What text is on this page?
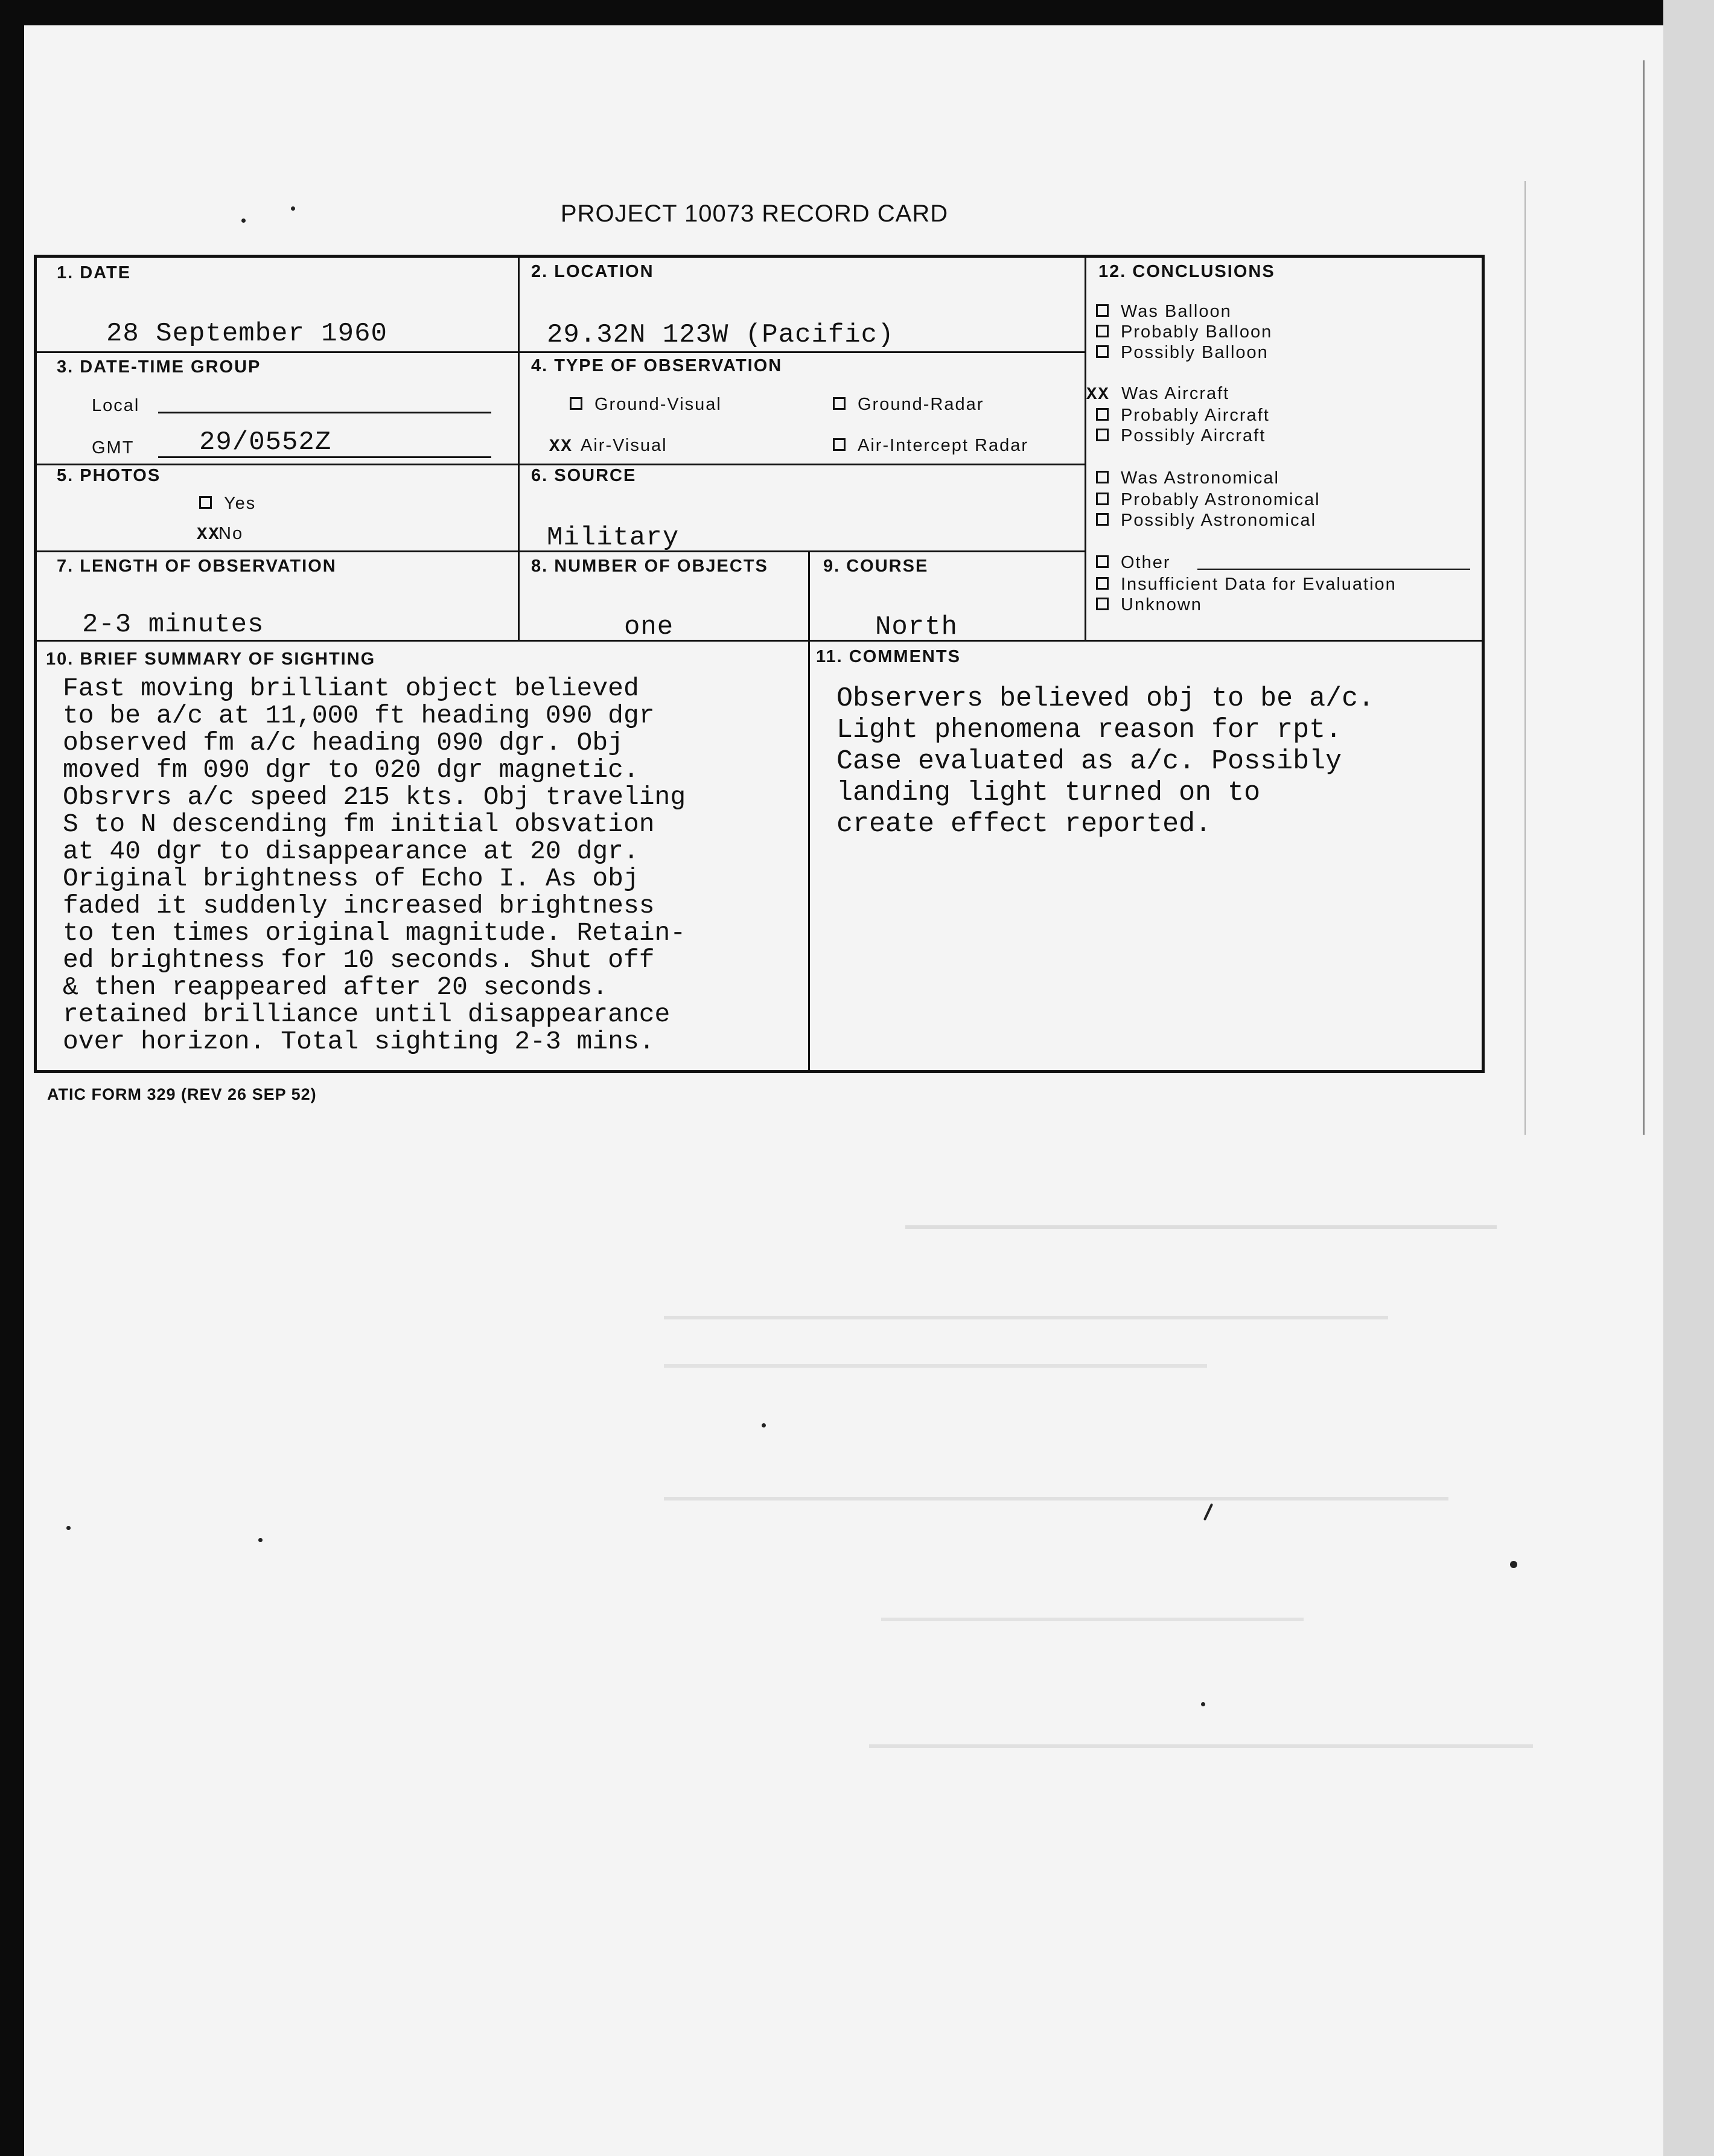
PROJECT 10073 RECORD CARD
1. DATE
28 September 1960
2. LOCATION
29.32N 123W (Pacific)
3. DATE-TIME GROUP
Local
GMT 29/0552Z
4. TYPE OF OBSERVATION
Ground-Visual	Ground-Radar
XX Air-Visual	Air-Intercept Radar
5. PHOTOS
Yes
XXNo
6. SOURCE
Military
7. LENGTH OF OBSERVATION
2-3 minutes
8. NUMBER OF OBJECTS
one
9. COURSE
North
10. BRIEF SUMMARY OF SIGHTING
Fast moving brilliant object believed
to be a/c at 11,000 ft heading 090 dgr
observed fm a/c heading 090 dgr. Obj
moved fm 090 dgr to 020 dgr magnetic.
Obsrvrs a/c speed 215 kts. Obj traveling
S to N descending fm initial obsvation
at 40 dgr to disappearance at 20 dgr.
Original brightness of Echo I. As obj
faded it suddenly increased brightness
to ten times original magnitude. Retain-
ed brightness for 10 seconds. Shut off
& then reappeared after 20 seconds.
retained brilliance until disappearance
over horizon. Total sighting 2-3 mins.
11. COMMENTS
Observers believed obj to be a/c.
Light phenomena reason for rpt.
Case evaluated as a/c. Possibly
landing light turned on to
create effect reported.
12. CONCLUSIONS
Was Balloon
Probably Balloon
Possibly Balloon
XX Was Aircraft
Probably Aircraft
Possibly Aircraft
Was Astronomical
Probably Astronomical
Possibly Astronomical
Other
Insufficient Data for Evaluation
Unknown
ATIC FORM 329 (REV 26 SEP 52)
